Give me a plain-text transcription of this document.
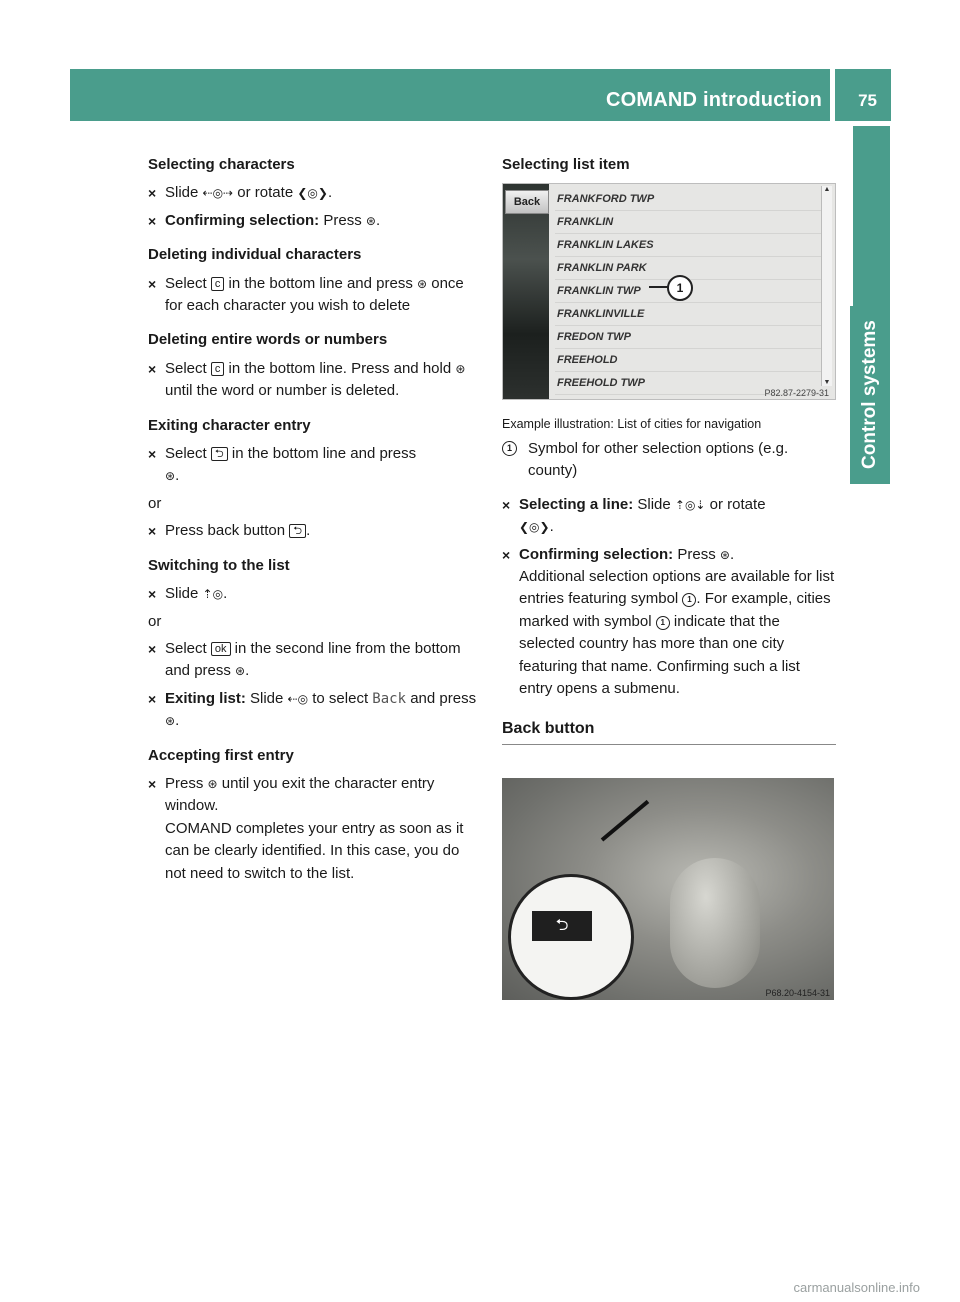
COMAND introduction	75
Control systems
Selecting characters
× Slide ⇠◎⇢ or rotate ❮◎❯.
× Confirming selection: Press ⊛.
Deleting individual characters
× Select c in the bottom line and press ⊛ once for each character you wish to delete
Deleting entire words or numbers
× Select c in the bottom line. Press and hold ⊛ until the word or number is deleted.
Exiting character entry
× Select ⮌ in the bottom line and press
⊛.
or
× Press back button ⮌ .
Switching to the list
× Slide ⇡◎.
or
× Select ok in the second line from the bottom and press ⊛.
× Exiting list: Slide ⇠◎ to select Back and press ⊛.
Accepting first entry
× Press ⊛ until you exit the character entry window.
COMAND completes your entry as soon as it can be clearly identified. In this case, you do not need to switch to the list.
Selecting list item
Back	FRANKFORD TWP
FRANKLIN
FRANKLIN LAKES
FRANKLIN PARK
FRANKLIN TWP
FRANKLINVILLE
FREDON TWP
FREEHOLD
FREEHOLD TWP
▲
▼
1
P82.87-2279-31
Example illustration: List of cities for navigation
1	Symbol for other selection options (e.g. county)
× Selecting a line: Slide ⇡◎⇣ or rotate
❮◎❯.
× Confirming selection: Press ⊛.
Additional selection options are available for list entries featuring symbol 1 . For example, cities marked with symbol 1 indicate that the selected country has more than one city featuring that name. Confirming such a list entry opens a submenu.
Back button
⮌
P68.20-4154-31
carmanualsonline.info
